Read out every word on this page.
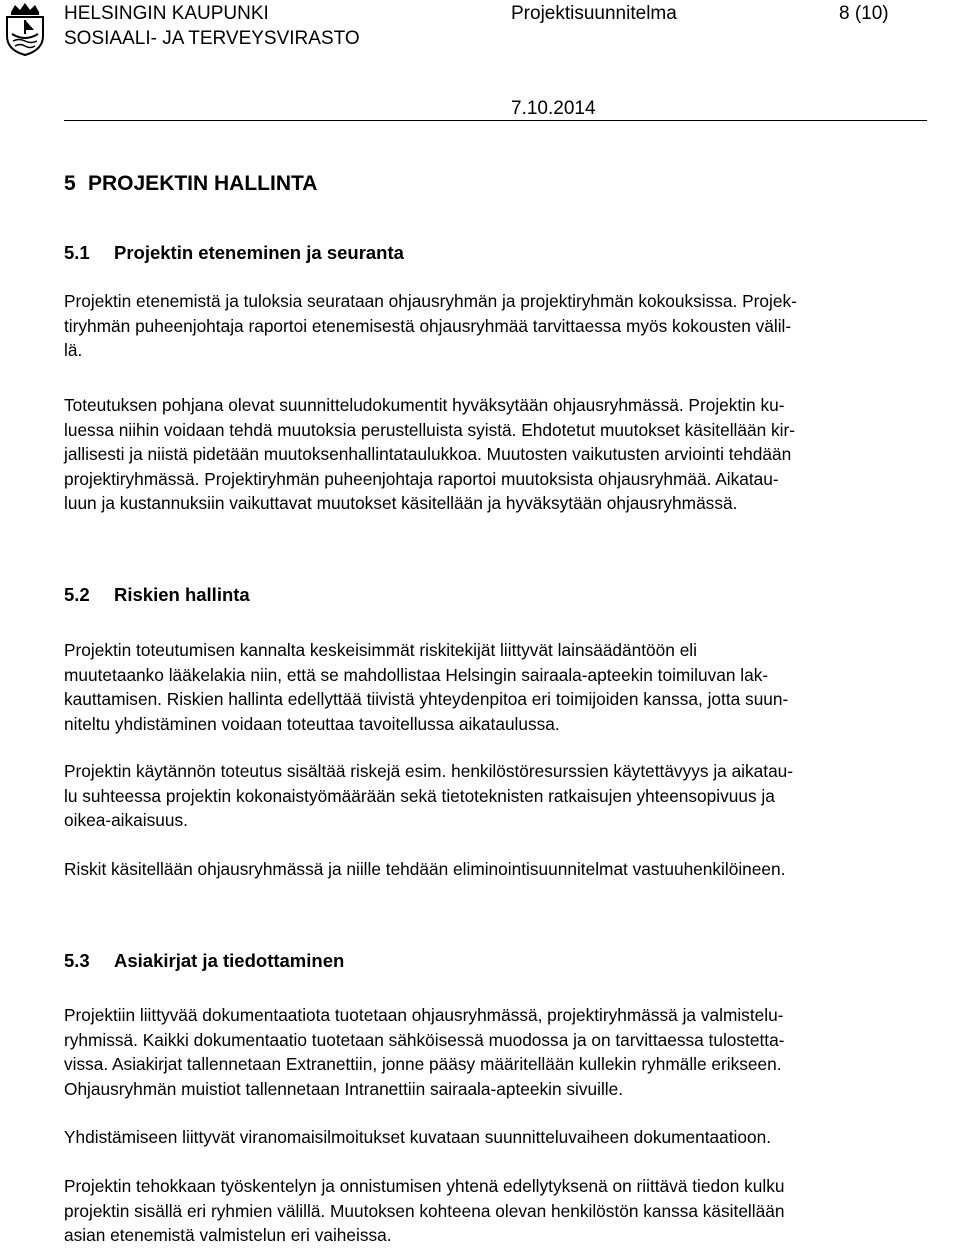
HELSINGIN KAUPUNKI
SOSIAALI- JA TERVEYSVIRASTO
Projektisuunnitelma	8 (10)
7.10.2014
5 PROJEKTIN HALLINTA
5.1 Projektin eteneminen ja seuranta

Projektin etenemistä ja tuloksia seurataan ohjausryhmän ja projektiryhmän kokouksissa. Projek-
tiryhmän puheenjohtaja raportoi etenemisestä ohjausryhmää tarvittaessa myös kokousten välil-
lä.

Toteutuksen pohjana olevat suunnitteludokumentit hyväksytään ohjausryhmässä. Projektin ku-
luessa niihin voidaan tehdä muutoksia perustelluista syistä. Ehdotetut muutokset käsitellään kir-
jallisesti ja niistä pidetään muutoksenhallintataulukkoa. Muutosten vaikutusten arviointi tehdään
projektiryhmässä. Projektiryhmän puheenjohtaja raportoi muutoksista ohjausryhmää. Aikatau-
luun ja kustannuksiin vaikuttavat muutokset käsitellään ja hyväksytään ohjausryhmässä.

5.2 Riskien hallinta

Projektin toteutumisen kannalta keskeisimmät riskitekijät liittyvät lainsäädäntöön eli
muutetaanko lääkelakia niin, että se mahdollistaa Helsingin sairaala-apteekin toimiluvan lak-
kauttamisen. Riskien hallinta edellyttää tiivistä yhteydenpitoa eri toimijoiden kanssa, jotta suun-
niteltu yhdistäminen voidaan toteuttaa tavoitellussa aikataulussa.

Projektin käytännön toteutus sisältää riskejä esim. henkilöstöresurssien käytettävyys ja aikatau-
lu suhteessa projektin kokonaistyömäärään sekä tietoteknisten ratkaisujen yhteensopivuus ja
oikea-aikaisuus.

Riskit käsitellään ohjausryhmässä ja niille tehdään eliminointisuunnitelmat vastuuhenkilöineen.

5.3 Asiakirjat ja tiedottaminen

Projektiin liittyvää dokumentaatiota tuotetaan ohjausryhmässä, projektiryhmässä ja valmistelu-
ryhmissä. Kaikki dokumentaatio tuotetaan sähköisessä muodossa ja on tarvittaessa tulostetta-
vissa. Asiakirjat tallennetaan Extranettiin, jonne pääsy määritellään kullekin ryhmälle erikseen.
Ohjausryhmän muistiot tallennetaan Intranettiin sairaala-apteekin sivuille.

Yhdistämiseen liittyvät viranomaisilmoitukset kuvataan suunnitteluvaiheen dokumentaatioon.

Projektin tehokkaan työskentelyn ja onnistumisen yhtenä edellytyksenä on riittävä tiedon kulku
projektin sisällä eri ryhmien välillä. Muutoksen kohteena olevan henkilöstön kanssa käsitellään
asian etenemistä valmistelun eri vaiheissa.
